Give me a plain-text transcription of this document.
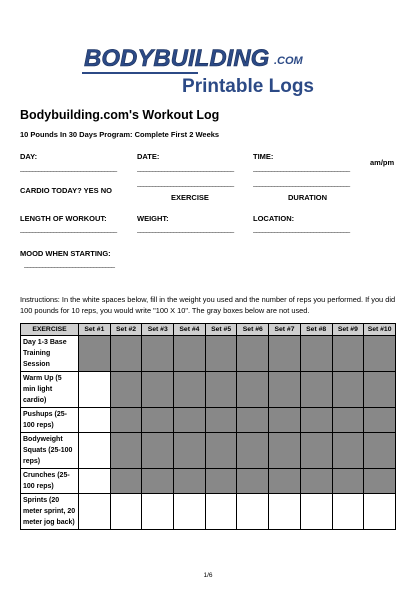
BODYBUILDING .COM
Printable Logs
Bodybuilding.com's Workout Log
10 Pounds In 30 Days Program: Complete First 2 Weeks
DAY:	DATE:	TIME:
am/pm
________________________________	________________________________	________________________________
CARDIO TODAY? YES NO
________________________________	________________________________
EXERCISE	DURATION
LENGTH OF WORKOUT:	WEIGHT:	LOCATION:
________________________________	________________________________	________________________________
MOOD WHEN STARTING:
______________________________
Instructions: In the white spaces below, fill in the weight you used and the number of reps you performed. If you did 100 pounds for 10 reps, you would write "100 X 10". The gray boxes below are not used.
EXERCISE	Set #1	Set #2	Set #3	Set #4	Set #5	Set #6	Set #7	Set #8	Set #9	Set #10
Day 1-3 Base Training Session										
Warm Up (5 min light cardio)										
Pushups (25-100 reps)										
Bodyweight Squats (25-100 reps)										
Crunches (25-100 reps)										
Sprints (20 meter sprint, 20 meter jog back)										
1/6
